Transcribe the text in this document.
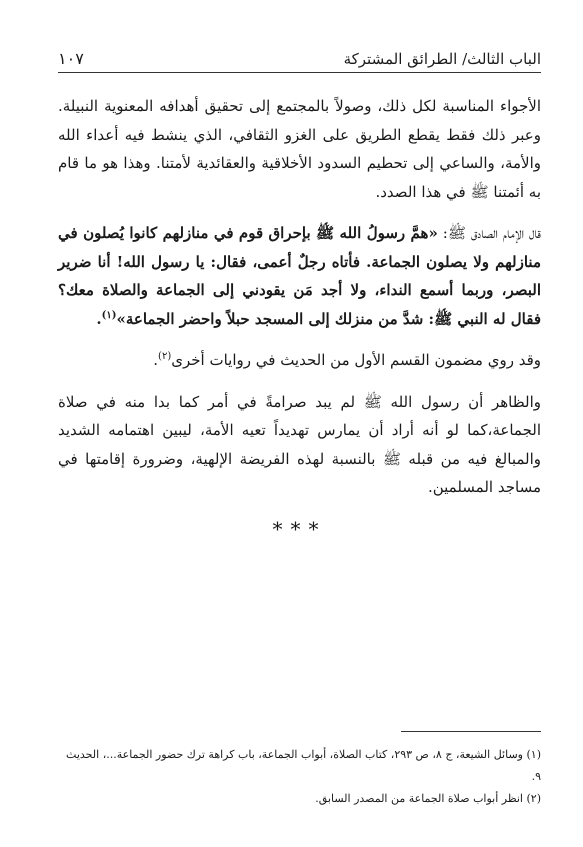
الباب الثالث/ الطرائق المشتركة
١٠٧

الأجواء المناسبة لكل ذلك، وصولاً بالمجتمع إلى تحقيق أهدافه المعنوية النبيلة. وعبر ذلك فقط يقطع الطريق على الغزو الثقافي، الذي ينشط فيه أعداء الله والأمة، والساعي إلى تحطيم السدود الأخلاقية والعقائدية لأمتنا. وهذا هو ما قام به أئمتنا ﷺ في هذا الصدد.

قال الإمام الصادق ﷺ: «همَّ رسولُ الله ﷺ بإحراق قوم في منازلهم كانوا يُصلون في منازلهم ولا يصلون الجماعة. فأتاه رجلٌ أعمى، فقال: يا رسول الله! أنا ضرير البصر، وربما أسمع النداء، ولا أجد مَن يقودني إلى الجماعة والصلاة معك؟ فقال له النبي ﷺ: شدَّ من منزلك إلى المسجد حبلاً واحضر الجماعة»$^{(١)}$.

وقد روي مضمون القسم الأول من الحديث في روايات أخرى$^{(٢)}$.

والظاهر أن رسول الله ﷺ لم يبد صرامةً في أمر كما بدا منه في صلاة الجماعة،كما لو أنه أراد أن يمارس تهديداً تعيه الأمة، ليبين اهتمامه الشديد والمبالغ فيه من قبله ﷺ بالنسبة لهذه الفريضة الإلهية، وضرورة إقامتها في مساجد المسلمين.

***

(١) وسائل الشيعة، ج ٨، ص ٢٩٣، كتاب الصلاة، أبواب الجماعة، باب كراهة ترك حضور الجماعة...، الحديث ٩.

(٢) انظر أبواب صلاة الجماعة من المصدر السابق.
